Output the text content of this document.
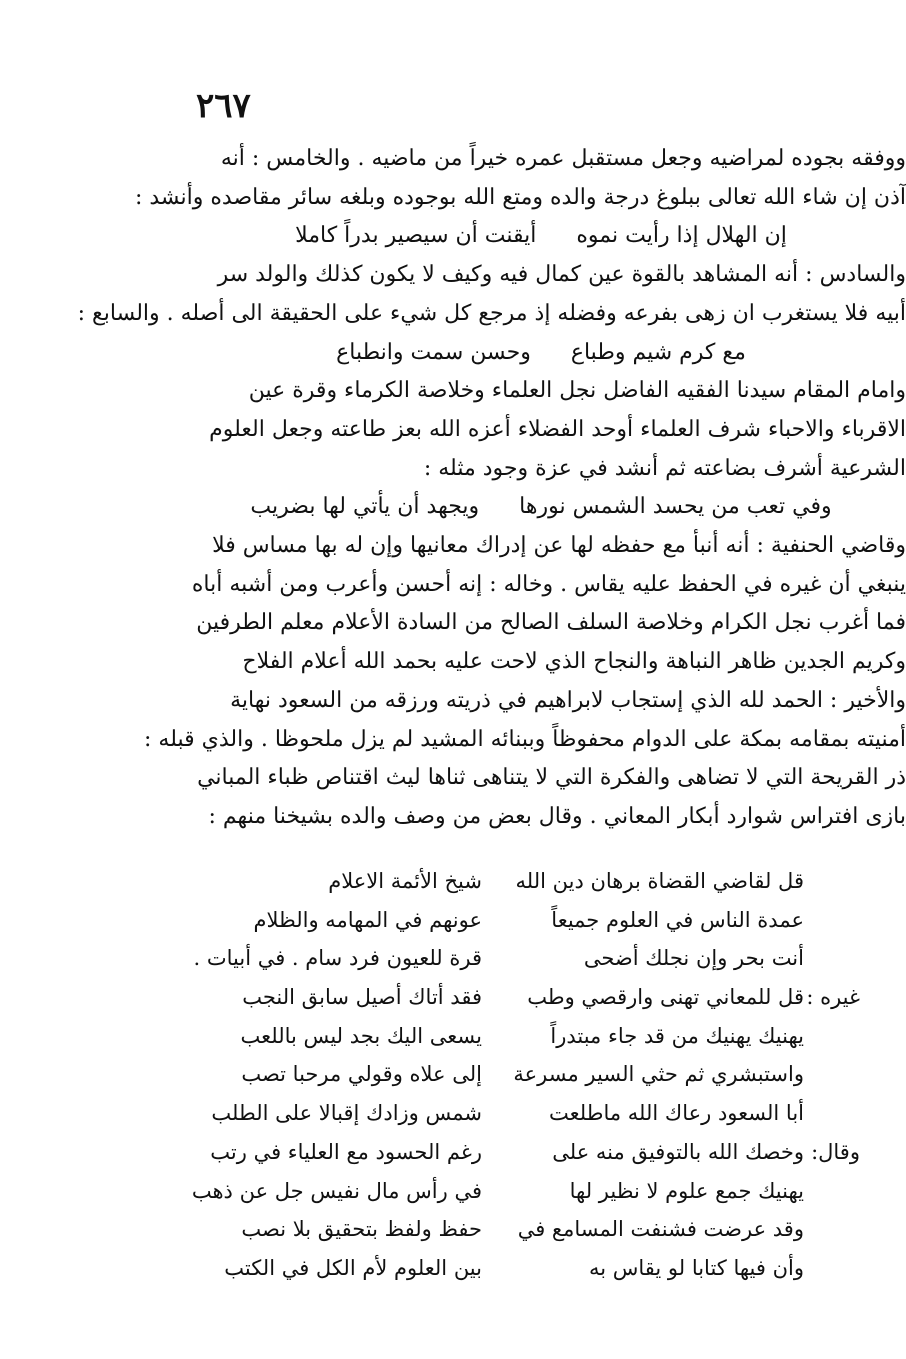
٢٦٧

ووفقه بجوده لمراضيه وجعل مستقبل عمره خيراً من ماضيه . والخامس : أنه

آذن إن شاء الله تعالى ببلوغ درجة والده ومتع الله بوجوده وبلغه سائر مقاصده وأنشد :

إن الهلال إذا رأيت نموه
أيقنت أن سيصير بدراً كاملا

والسادس : أنه المشاهد بالقوة عين كمال فيه وكيف لا يكون كذلك والولد سر

أبيه فلا يستغرب ان زهى بفرعه وفضله إذ مرجع كل شيء على الحقيقة الى أصله . والسابع :

مع كرم شيم وطباع
وحسن سمت وانطباع

وامام المقام سيدنا الفقيه الفاضل نجل العلماء وخلاصة الكرماء وقرة عين

الاقرباء والاحباء شرف العلماء أوحد الفضلاء أعزه الله بعز طاعته وجعل العلوم

الشرعية أشرف بضاعته ثم أنشد في عزة وجود مثله :

وفي تعب من يحسد الشمس نورها
ويجهد أن يأتي لها بضريب

وقاضي الحنفية : أنه أنبأ مع حفظه لها عن إدراك معانيها وإن له بها مساس فلا

ينبغي أن غيره في الحفظ عليه يقاس . وخاله : إنه أحسن وأعرب ومن أشبه أباه

فما أغرب نجل الكرام وخلاصة السلف الصالح من السادة الأعلام معلم الطرفين

وكريم الجدين ظاهر النباهة والنجاح الذي لاحت عليه بحمد الله أعلام الفلاح

والأخير : الحمد لله الذي إستجاب لابراهيم في ذريته ورزقه من السعود نهاية

أمنيته بمقامه بمكة على الدوام محفوظاً وببنائه المشيد لم يزل ملحوظا . والذي قبله :

ذر القريحة التي لا تضاهى والفكرة التي لا يتناهى ثناها ليث اقتناص ظباء المباني

بازى افتراس شوارد أبكار المعاني . وقال بعض من وصف والده بشيخنا منهم :

قل لقاضي القضاة برهان دين الله
شيخ الأئمة الاعلام
عمدة الناس في العلوم جميعاً
عونهم في المهامه والظلام
أنت بحر وإن نجلك أضحى
قرة للعيون فرد سام . في أبيات .
غيره :
قل للمعاني تهنى وارقصي وطب
فقد أتاك أصيل سابق النجب
يهنيك يهنيك من قد جاء مبتدراً
يسعى اليك بجد ليس باللعب
واستبشري ثم حثي السير مسرعة
إلى علاه وقولي مرحبا تصب
أبا السعود رعاك الله ماطلعت
شمس وزادك إقبالا على الطلب
وقال:
وخصك الله بالتوفيق منه على
رغم الحسود مع العلياء في رتب
يهنيك جمع علوم لا نظير لها
في رأس مال نفيس جل عن ذهب
وقد عرضت فشنفت المسامع في
حفظ ولفظ بتحقيق بلا نصب
وأن فيها كتابا لو يقاس به
بين العلوم لأم الكل في الكتب
